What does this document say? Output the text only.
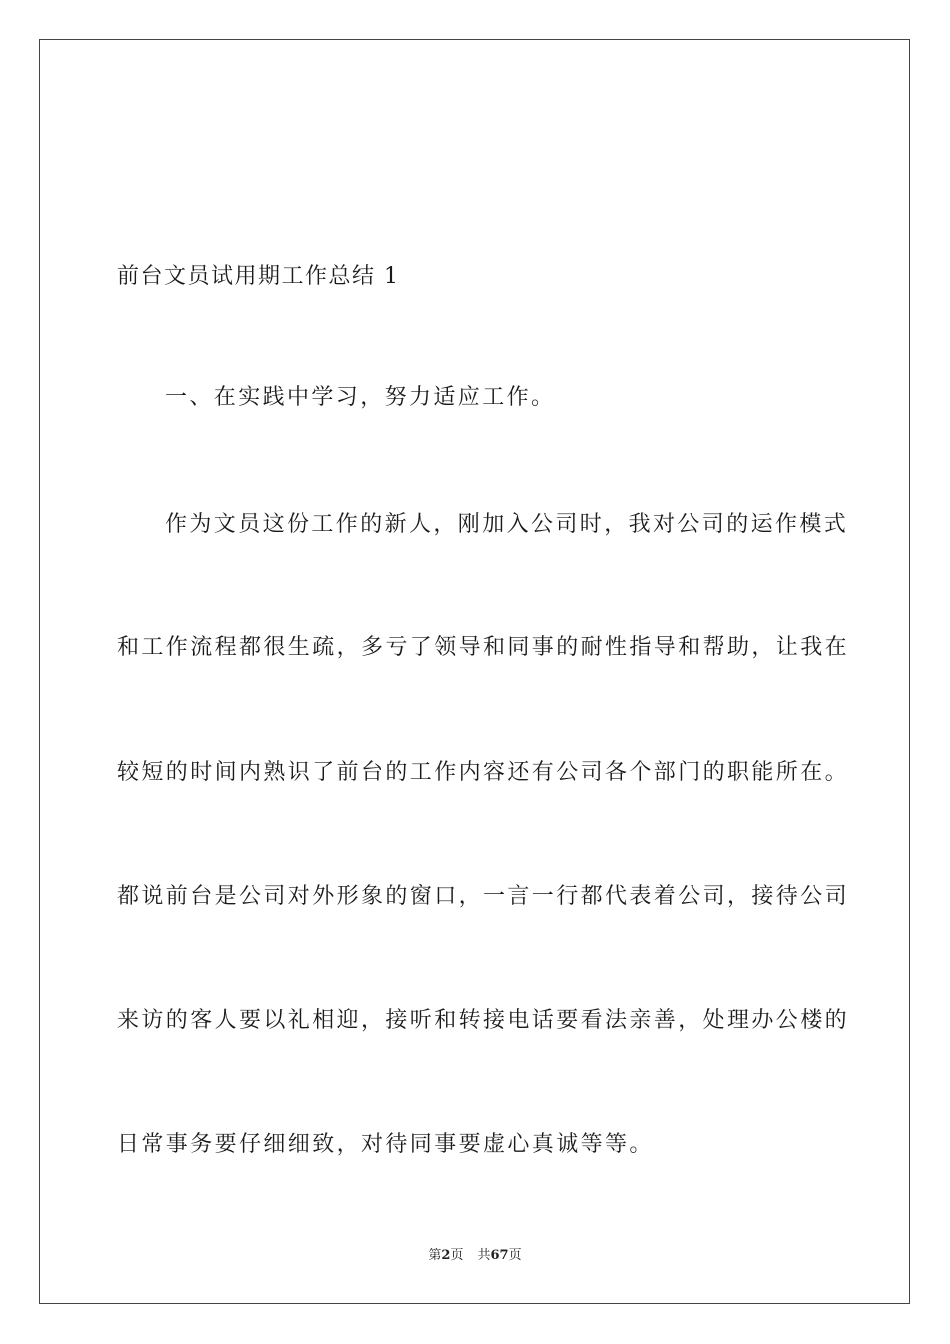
前台文员试用期工作总结 1
一、在实践中学习，努力适应工作。
作为文员这份工作的新人，刚加入公司时，我对公司的运作模式
和工作流程都很生疏，多亏了领导和同事的耐性指导和帮助，让我在
较短的时间内熟识了前台的工作内容还有公司各个部门的职能所在。
都说前台是公司对外形象的窗口，一言一行都代表着公司，接待公司
来访的客人要以礼相迎，接听和转接电话要看法亲善，处理办公楼的
日常事务要仔细细致，对待同事要虚心真诚等等。
第2页 共67页
